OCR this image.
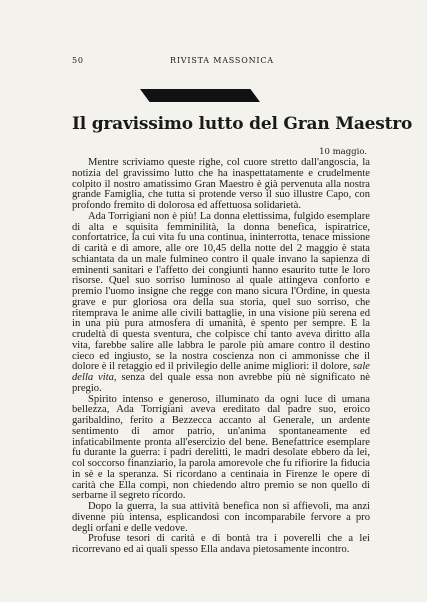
50	RIVISTA MASSONICA
Il gravissimo lutto del Gran Maestro
10 maggio.

Mentre scriviamo queste righe, col cuore stretto dall'angoscia, la notizia del gravissimo lutto che ha inaspettatamente e crudelmente colpito il nostro amatissimo Gran Maestro è già pervenuta alla nostra grande Famiglia, che tutta si protende verso il suo illustre Capo, con profondo fremito di dolorosa ed affettuosa solidarietà.

Ada Torrigiani non è più! La donna elettissima, fulgido esemplare di alta e squisita femminilità, la donna benefica, ispiratrice, confortatrice, la cui vita fu una continua, ininterrotta, tenace missione di carità e di amore, alle ore 10,45 della notte del 2 maggio è stata schiantata da un male fulmineo contro il quale invano la sapienza di eminenti sanitari e l'affetto dei congiunti hanno esaurito tutte le loro risorse. Quel suo sorriso luminoso al quale attingeva conforto e premio l'uomo insigne che regge con mano sicura l'Ordine, in questa grave e pur gloriosa ora della sua storia, quel suo sorriso, che ritemprava le anime alle civili battaglie, in una visione più serena ed in una più pura atmosfera di umanità, è spento per sempre. E la crudeltà di questa sventura, che colpisce chi tanto aveva diritto alla vita, farebbe salire alle labbra le parole più amare contro il destino cieco ed ingiusto, se la nostra coscienza non ci ammonisse che il dolore è il retaggio ed il privilegio delle anime migliori: il dolore, sale della vita, senza del quale essa non avrebbe più nè significato nè pregio.

Spirito intenso e generoso, illuminato da ogni luce di umana bellezza, Ada Torrigiani aveva ereditato dal padre suo, eroico garibaldino, ferito a Bezzecca accanto al Generale, un ardente sentimento di amor patrio, un'anima spontaneamente ed infaticabilmente pronta all'esercizio del bene. Benefattrice esemplare fu durante la guerra: i padri derelitti, le madri desolate ebbero da lei, col soccorso finanziario, la parola amorevole che fu rifiorire la fiducia in sè e la speranza. Si ricordano a centinaia in Firenze le opere di carità che Ella compì, non chiedendo altro premio se non quello di serbarne il segreto ricordo.

Dopo la guerra, la sua attività benefica non si affievolì, ma anzi divenne più intensa, esplicandosi con incomparabile fervore a pro degli orfani e delle vedove.

Profuse tesori di carità e di bontà tra i poverelli che a lei ricorrevano ed ai quali spesso Ella andava pietosamente incontro.
